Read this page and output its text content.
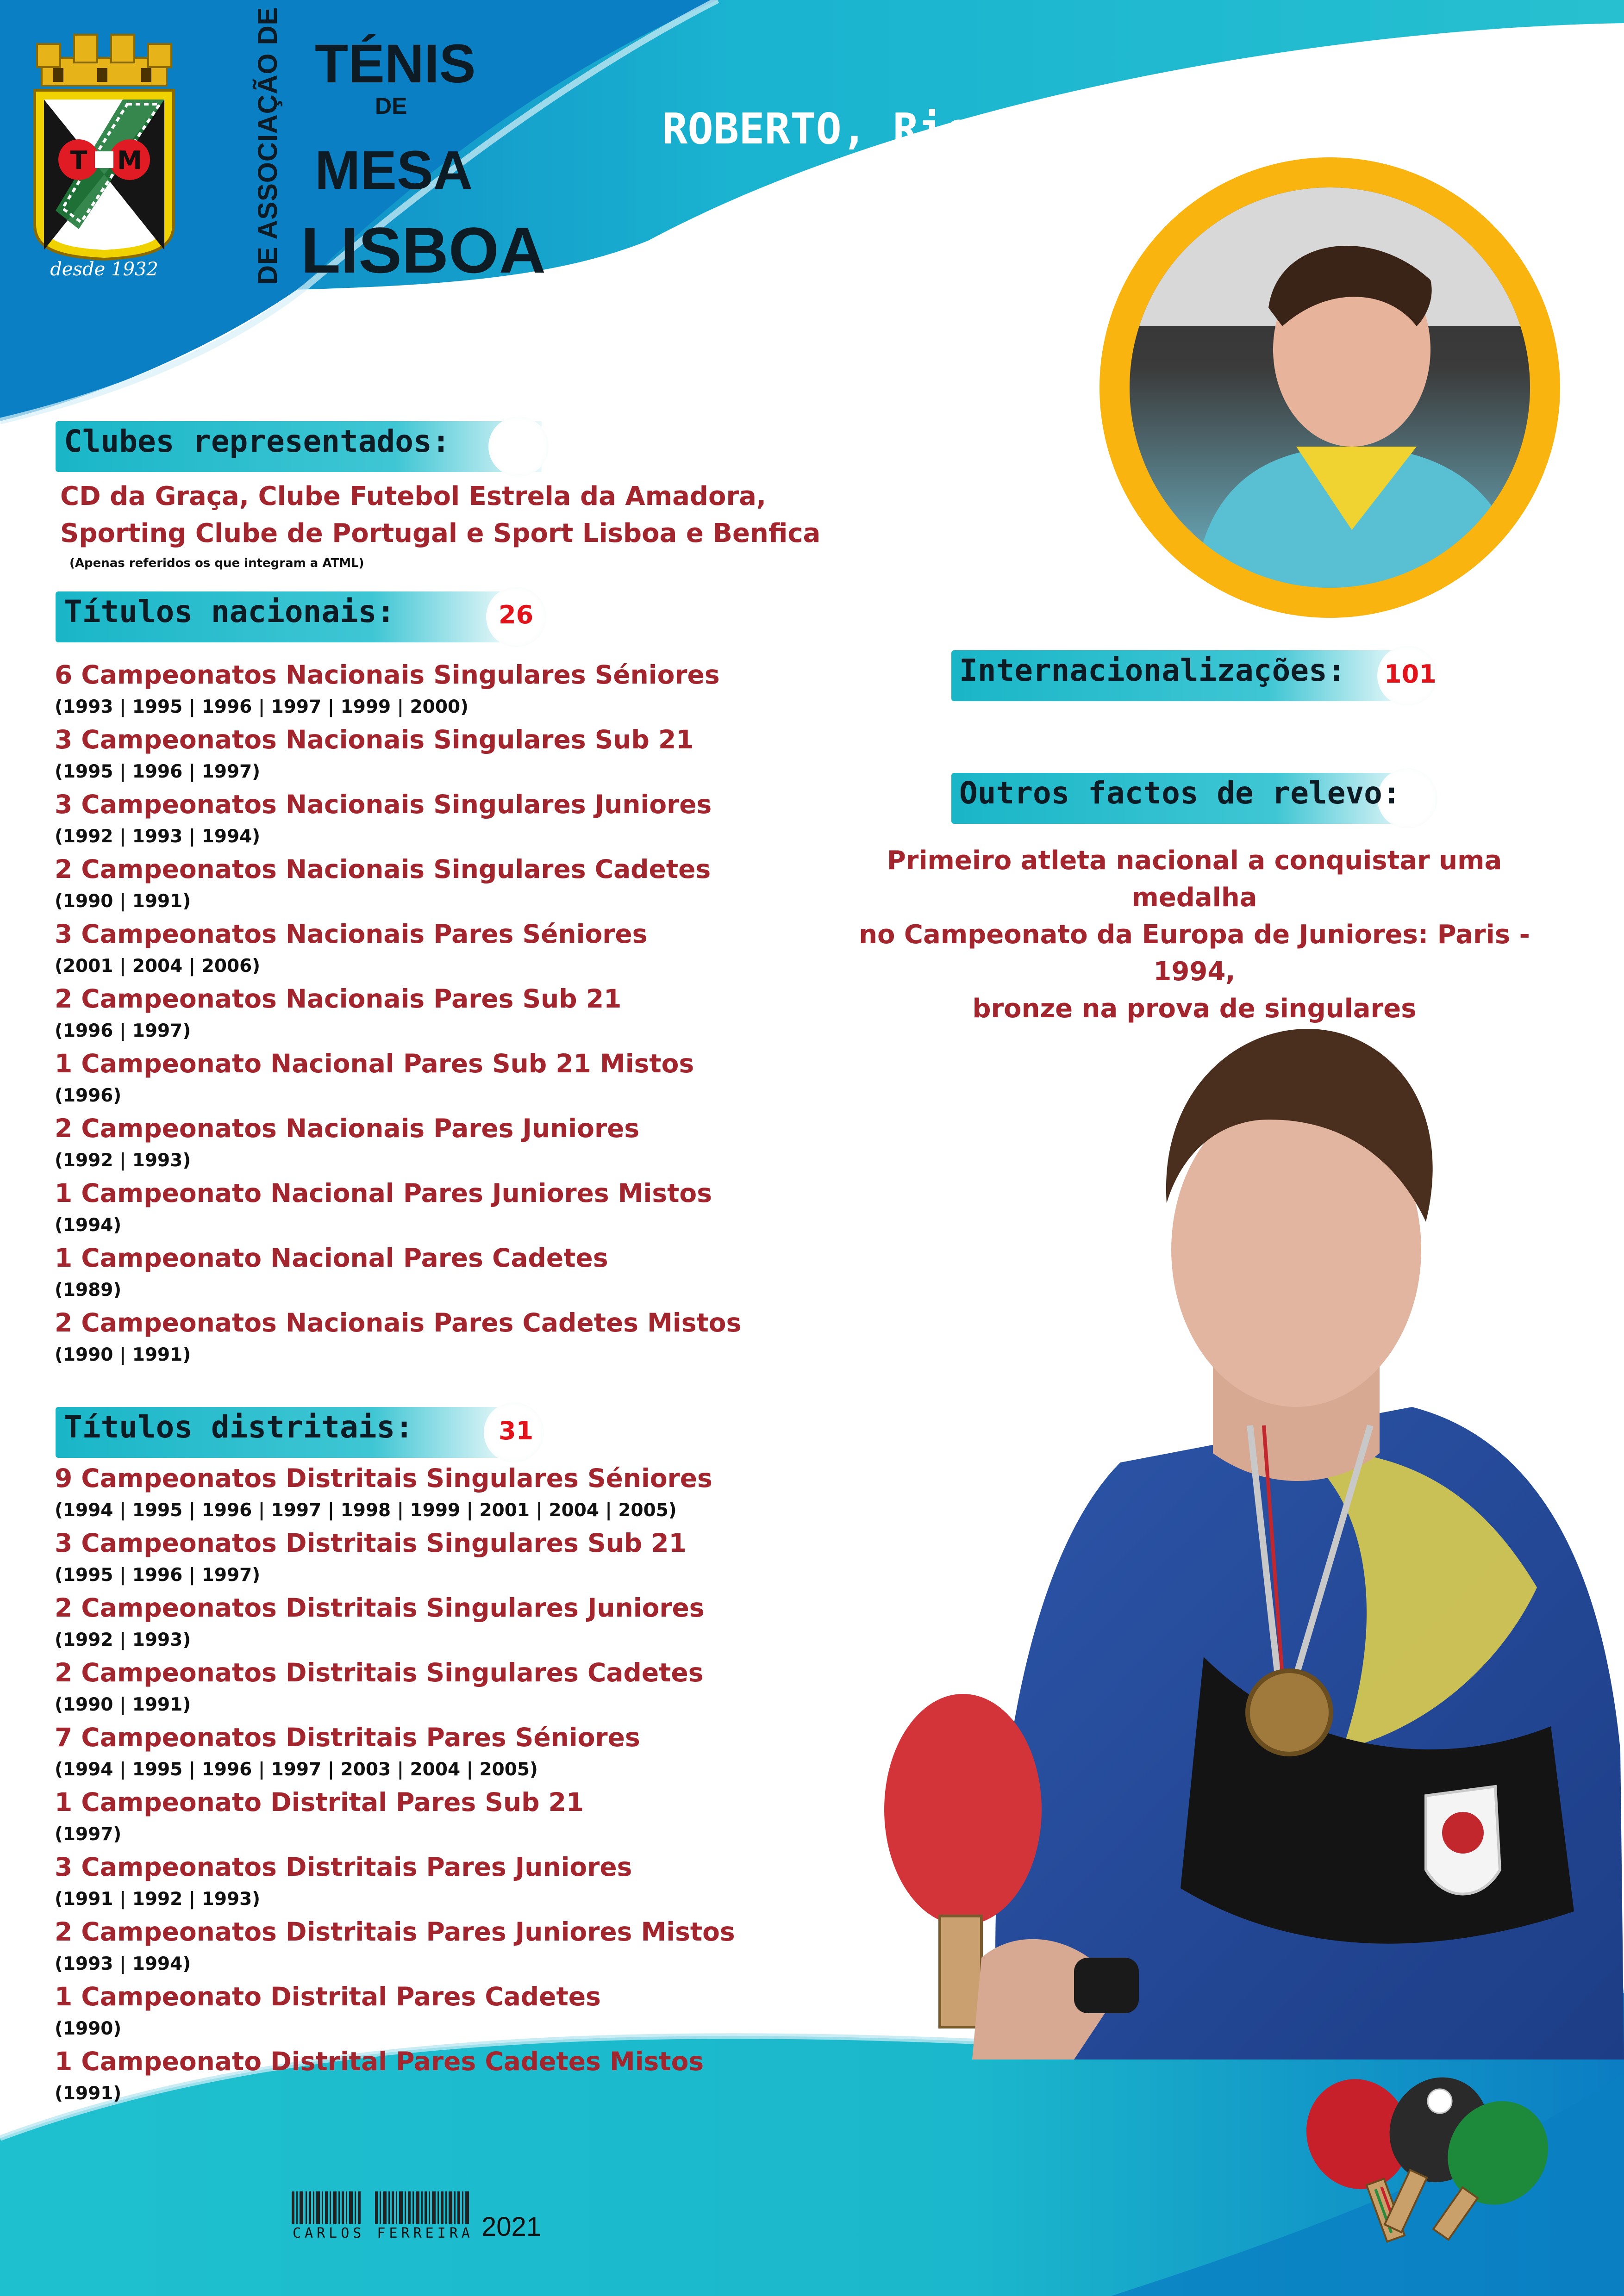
T M
A
L
desde 1932	DE ASSOCIAÇÃO DE TÉNIS
DE
MESA
LISBOA
ROBERTO, Ricardo
Clubes representados:
CD da Graça, Clube Futebol Estrela da Amadora,
Sporting Clube de Portugal e Sport Lisboa e Benfica
(Apenas referidos os que integram a ATML)
Títulos nacionais:	26
6 Campeonatos Nacionais Singulares Séniores
(1993 | 1995 | 1996 | 1997 | 1999 | 2000)
3 Campeonatos Nacionais Singulares Sub 21
(1995 | 1996 | 1997)
3 Campeonatos Nacionais Singulares Juniores
(1992 | 1993 | 1994)
2 Campeonatos Nacionais Singulares Cadetes
(1990 | 1991)
3 Campeonatos Nacionais Pares Séniores
(2001 | 2004 | 2006)
2 Campeonatos Nacionais Pares Sub 21
(1996 | 1997)
1 Campeonato Nacional Pares Sub 21 Mistos
(1996)
2 Campeonatos Nacionais Pares Juniores
(1992 | 1993)
1 Campeonato Nacional Pares Juniores Mistos
(1994)
1 Campeonato Nacional Pares Cadetes
(1989)
2 Campeonatos Nacionais Pares Cadetes Mistos
(1990 | 1991)
Títulos distritais:	31
9 Campeonatos Distritais Singulares Séniores
(1994 | 1995 | 1996 | 1997 | 1998 | 1999 | 2001 | 2004 | 2005)
3 Campeonatos Distritais Singulares Sub 21
(1995 | 1996 | 1997)
2 Campeonatos Distritais Singulares Juniores
(1992 | 1993)
2 Campeonatos Distritais Singulares Cadetes
(1990 | 1991)
7 Campeonatos Distritais Pares Séniores
(1994 | 1995 | 1996 | 1997 | 2003 | 2004 | 2005)
1 Campeonato Distrital Pares Sub 21
(1997)
3 Campeonatos Distritais Pares Juniores
(1991 | 1992 | 1993)
2 Campeonatos Distritais Pares Juniores Mistos
(1993 | 1994)
1 Campeonato Distrital Pares Cadetes
(1990)
1 Campeonato Distrital Pares Cadetes Mistos
(1991)
Internacionalizações: 101
Outros factos de relevo:
Primeiro atleta nacional a conquistar uma medalha
no Campeonato da Europa de Juniores: Paris - 1994,
bronze na prova de singulares
CARLOS FERREIRA 2021
